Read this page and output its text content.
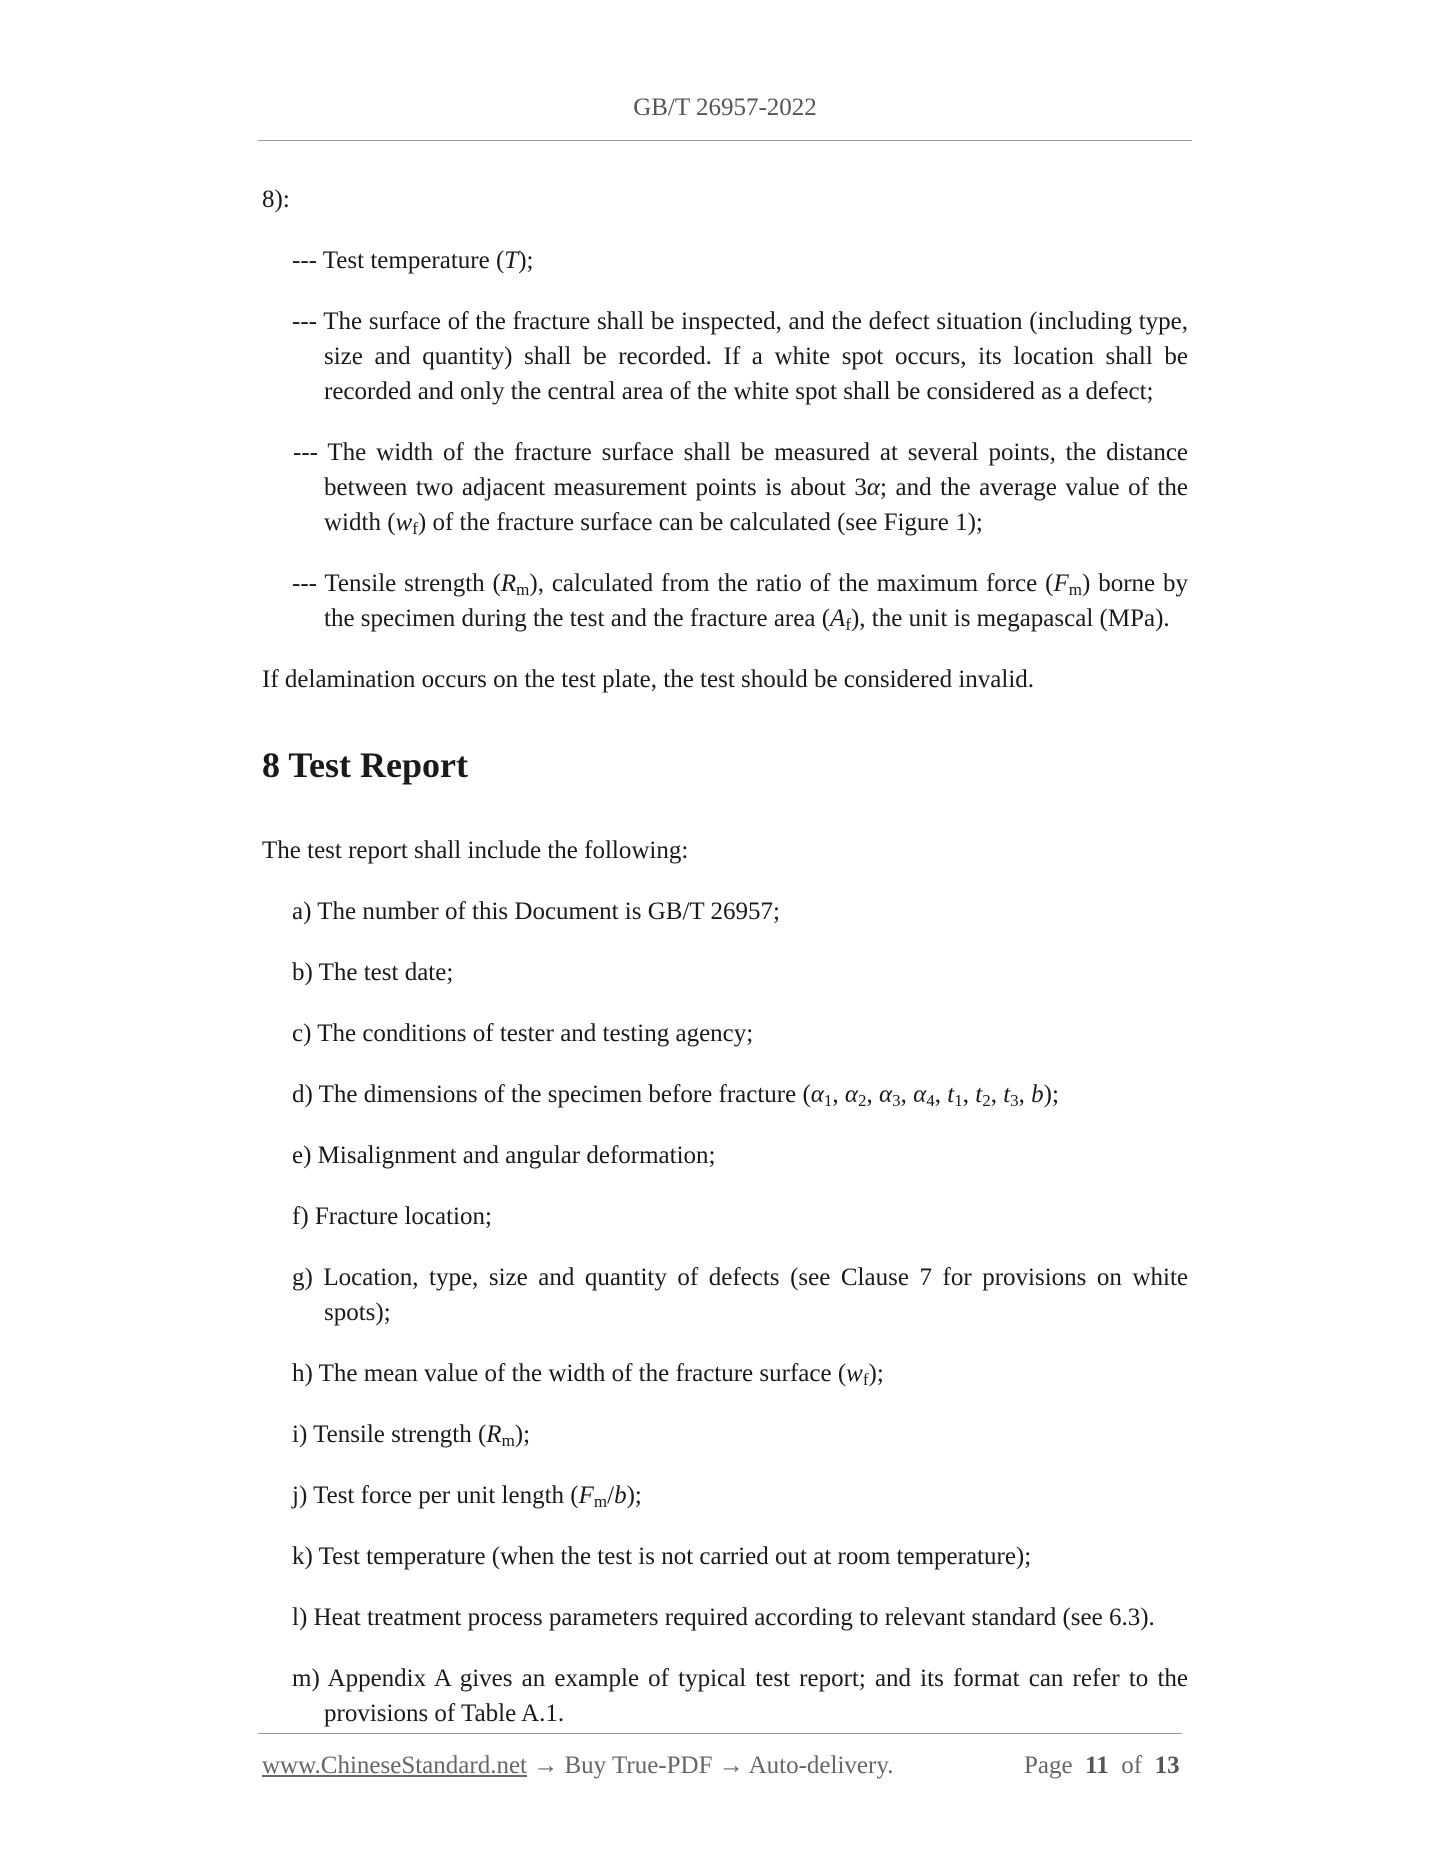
GB/T 26957-2022

8):

--- Test temperature (T);

--- The surface of the fracture shall be inspected, and the defect situation (including type, size and quantity) shall be recorded. If a white spot occurs, its location shall be recorded and only the central area of the white spot shall be considered as a defect;

--- The width of the fracture surface shall be measured at several points, the distance between two adjacent measurement points is about 3α; and the average value of the width $(w_f)$ of the fracture surface can be calculated (see Figure 1);

--- Tensile strength $(R_m)$, calculated from the ratio of the maximum force $(F_m)$ borne by the specimen during the test and the fracture area $(A_f)$, the unit is megapascal (MPa).

If delamination occurs on the test plate, the test should be considered invalid.

8 Test Report

The test report shall include the following:

a) The number of this Document is GB/T 26957;

b) The test date;

c) The conditions of tester and testing agency;

d) The dimensions of the specimen before fracture ($\alpha_1$, $\alpha_2$, $\alpha_3$, $\alpha_4$, $t_1$, $t_2$, $t_3$, b);

e) Misalignment and angular deformation;

f) Fracture location;

g) Location, type, size and quantity of defects (see Clause 7 for provisions on white spots);

h) The mean value of the width of the fracture surface $(w_f)$;

i) Tensile strength $(R_m)$;

j) Test force per unit length $(F_m/b)$;

k) Test temperature (when the test is not carried out at room temperature);

l) Heat treatment process parameters required according to relevant standard (see 6.3).

m) Appendix A gives an example of typical test report; and its format can refer to the provisions of Table A.1.

www.ChineseStandard.net → Buy True-PDF → Auto-delivery.	Page 11 of 13
